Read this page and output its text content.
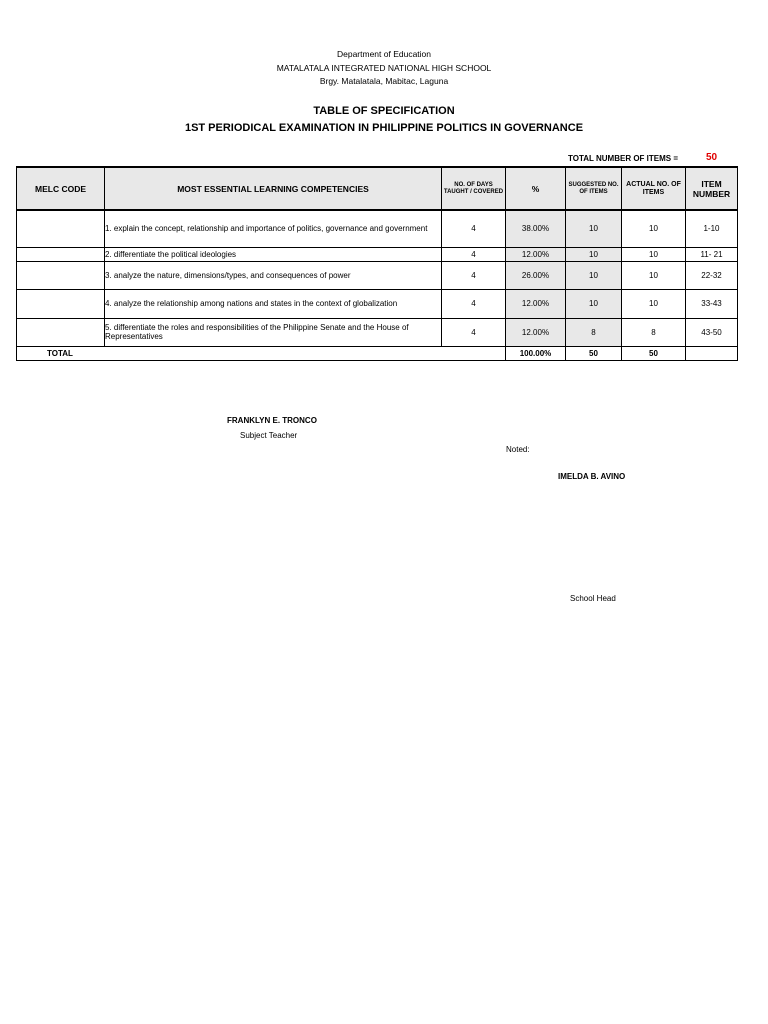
Department of Education
MATALATALA INTEGRATED NATIONAL HIGH SCHOOL
Brgy. Matalatala, Mabitac, Laguna
TABLE OF SPECIFICATION
1ST PERIODICAL EXAMINATION IN PHILIPPINE POLITICS IN GOVERNANCE
TOTAL NUMBER OF ITEMS =	50
MELC CODE	MOST ESSENTIAL LEARNING COMPETENCIES	NO. OF DAYS TAUGHT / COVERED	%	SUGGESTED NO. OF ITEMS	ACTUAL NO. OF ITEMS	ITEM NUMBER
	1. explain the concept, relationship and importance of politics, governance and government	4	38.00%	10	10	1-10
	2. differentiate the political ideologies	4	12.00%	10	10	11- 21
	3. analyze the nature, dimensions/types, and consequences of power	4	26.00%	10	10	22-32
	4. analyze the relationship among nations and states in the context of globalization	4	12.00%	10	10	33-43
	5. differentiate the roles and responsibilities of the Philippine Senate and the House of Representatives	4	12.00%	8	8	43-50
TOTAL			100.00%	50	50	
FRANKLYN E. TRONCO
Subject Teacher
Noted:
IMELDA B. AVINO
School Head
